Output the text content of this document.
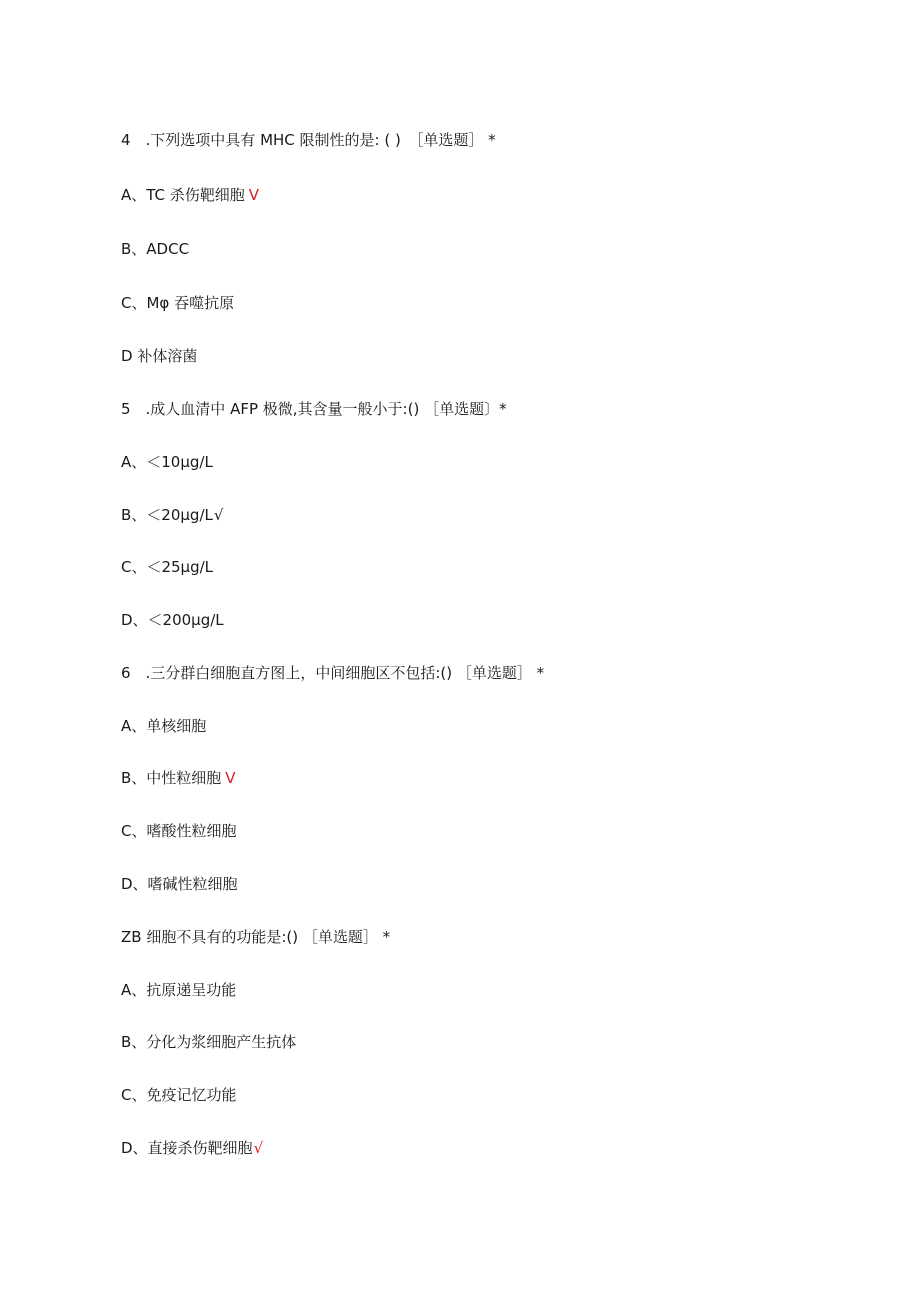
4　.下列选项中具有 MHC 限制性的是: ( )　［单选题］ *
A、TC 杀伤靶细胞 V
B、ADCC
C、Mφ 吞噬抗原
D 补体溶菌
5　.成人血清中 AFP 极微,其含量一般小于:() ［单选题〕*
A、＜10μg∕L
B、＜20μg∕L√
C、＜25μg∕L
D、＜200μg∕L
6　.三分群白细胞直方图上，中间细胞区不包括:() ［单选题］ *
A、单核细胞
B、中性粒细胞 V
C、嗜酸性粒细胞
D、嗜碱性粒细胞
ZB 细胞不具有的功能是:() ［单选题］ *
A、抗原递呈功能
B、分化为浆细胞产生抗体
C、免疫记忆功能
D、直接杀伤靶细胞√
